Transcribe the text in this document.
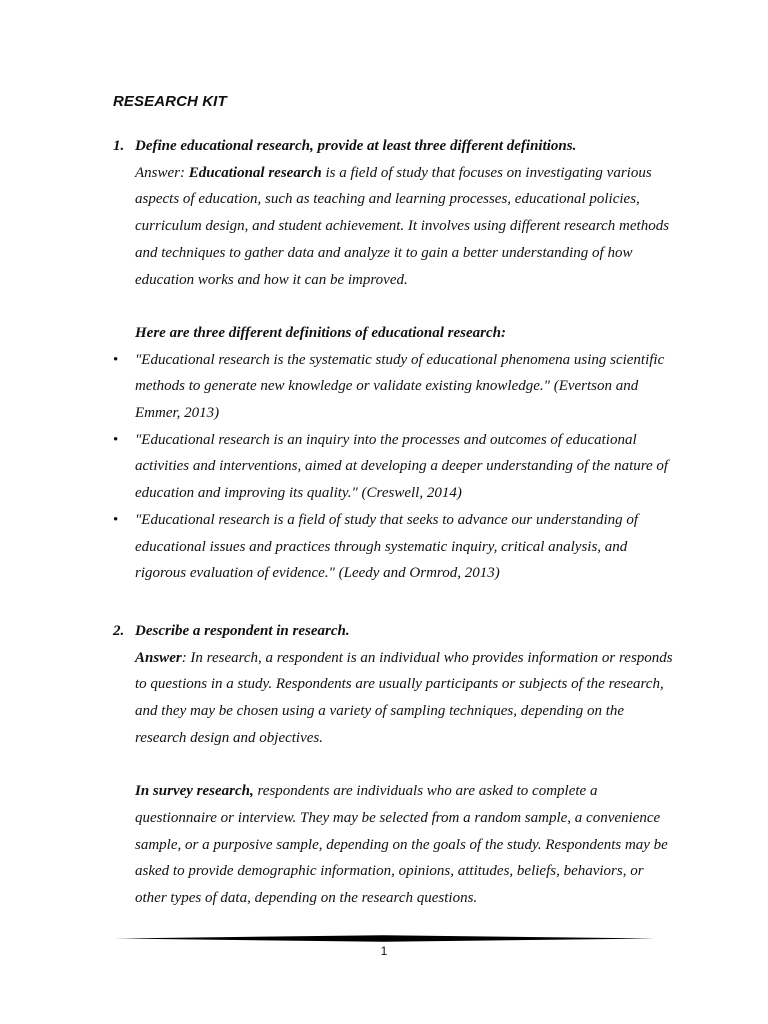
RESEARCH KIT
1. Define educational research, provide at least three different definitions.
Answer: Educational research is a field of study that focuses on investigating various
aspects of education, such as teaching and learning processes, educational policies,
curriculum design, and student achievement. It involves using different research methods
and techniques to gather data and analyze it to gain a better understanding of how
education works and how it can be improved.
Here are three different definitions of educational research:
• "Educational research is the systematic study of educational phenomena using scientific
methods to generate new knowledge or validate existing knowledge." (Evertson and
Emmer, 2013)
• "Educational research is an inquiry into the processes and outcomes of educational
activities and interventions, aimed at developing a deeper understanding of the nature of
education and improving its quality." (Creswell, 2014)
• "Educational research is a field of study that seeks to advance our understanding of
educational issues and practices through systematic inquiry, critical analysis, and
rigorous evaluation of evidence." (Leedy and Ormrod, 2013)
2. Describe a respondent in research.
Answer: In research, a respondent is an individual who provides information or responds
to questions in a study. Respondents are usually participants or subjects of the research,
and they may be chosen using a variety of sampling techniques, depending on the
research design and objectives.
In survey research, respondents are individuals who are asked to complete a
questionnaire or interview. They may be selected from a random sample, a convenience
sample, or a purposive sample, depending on the goals of the study. Respondents may be
asked to provide demographic information, opinions, attitudes, beliefs, behaviors, or
other types of data, depending on the research questions.
1
